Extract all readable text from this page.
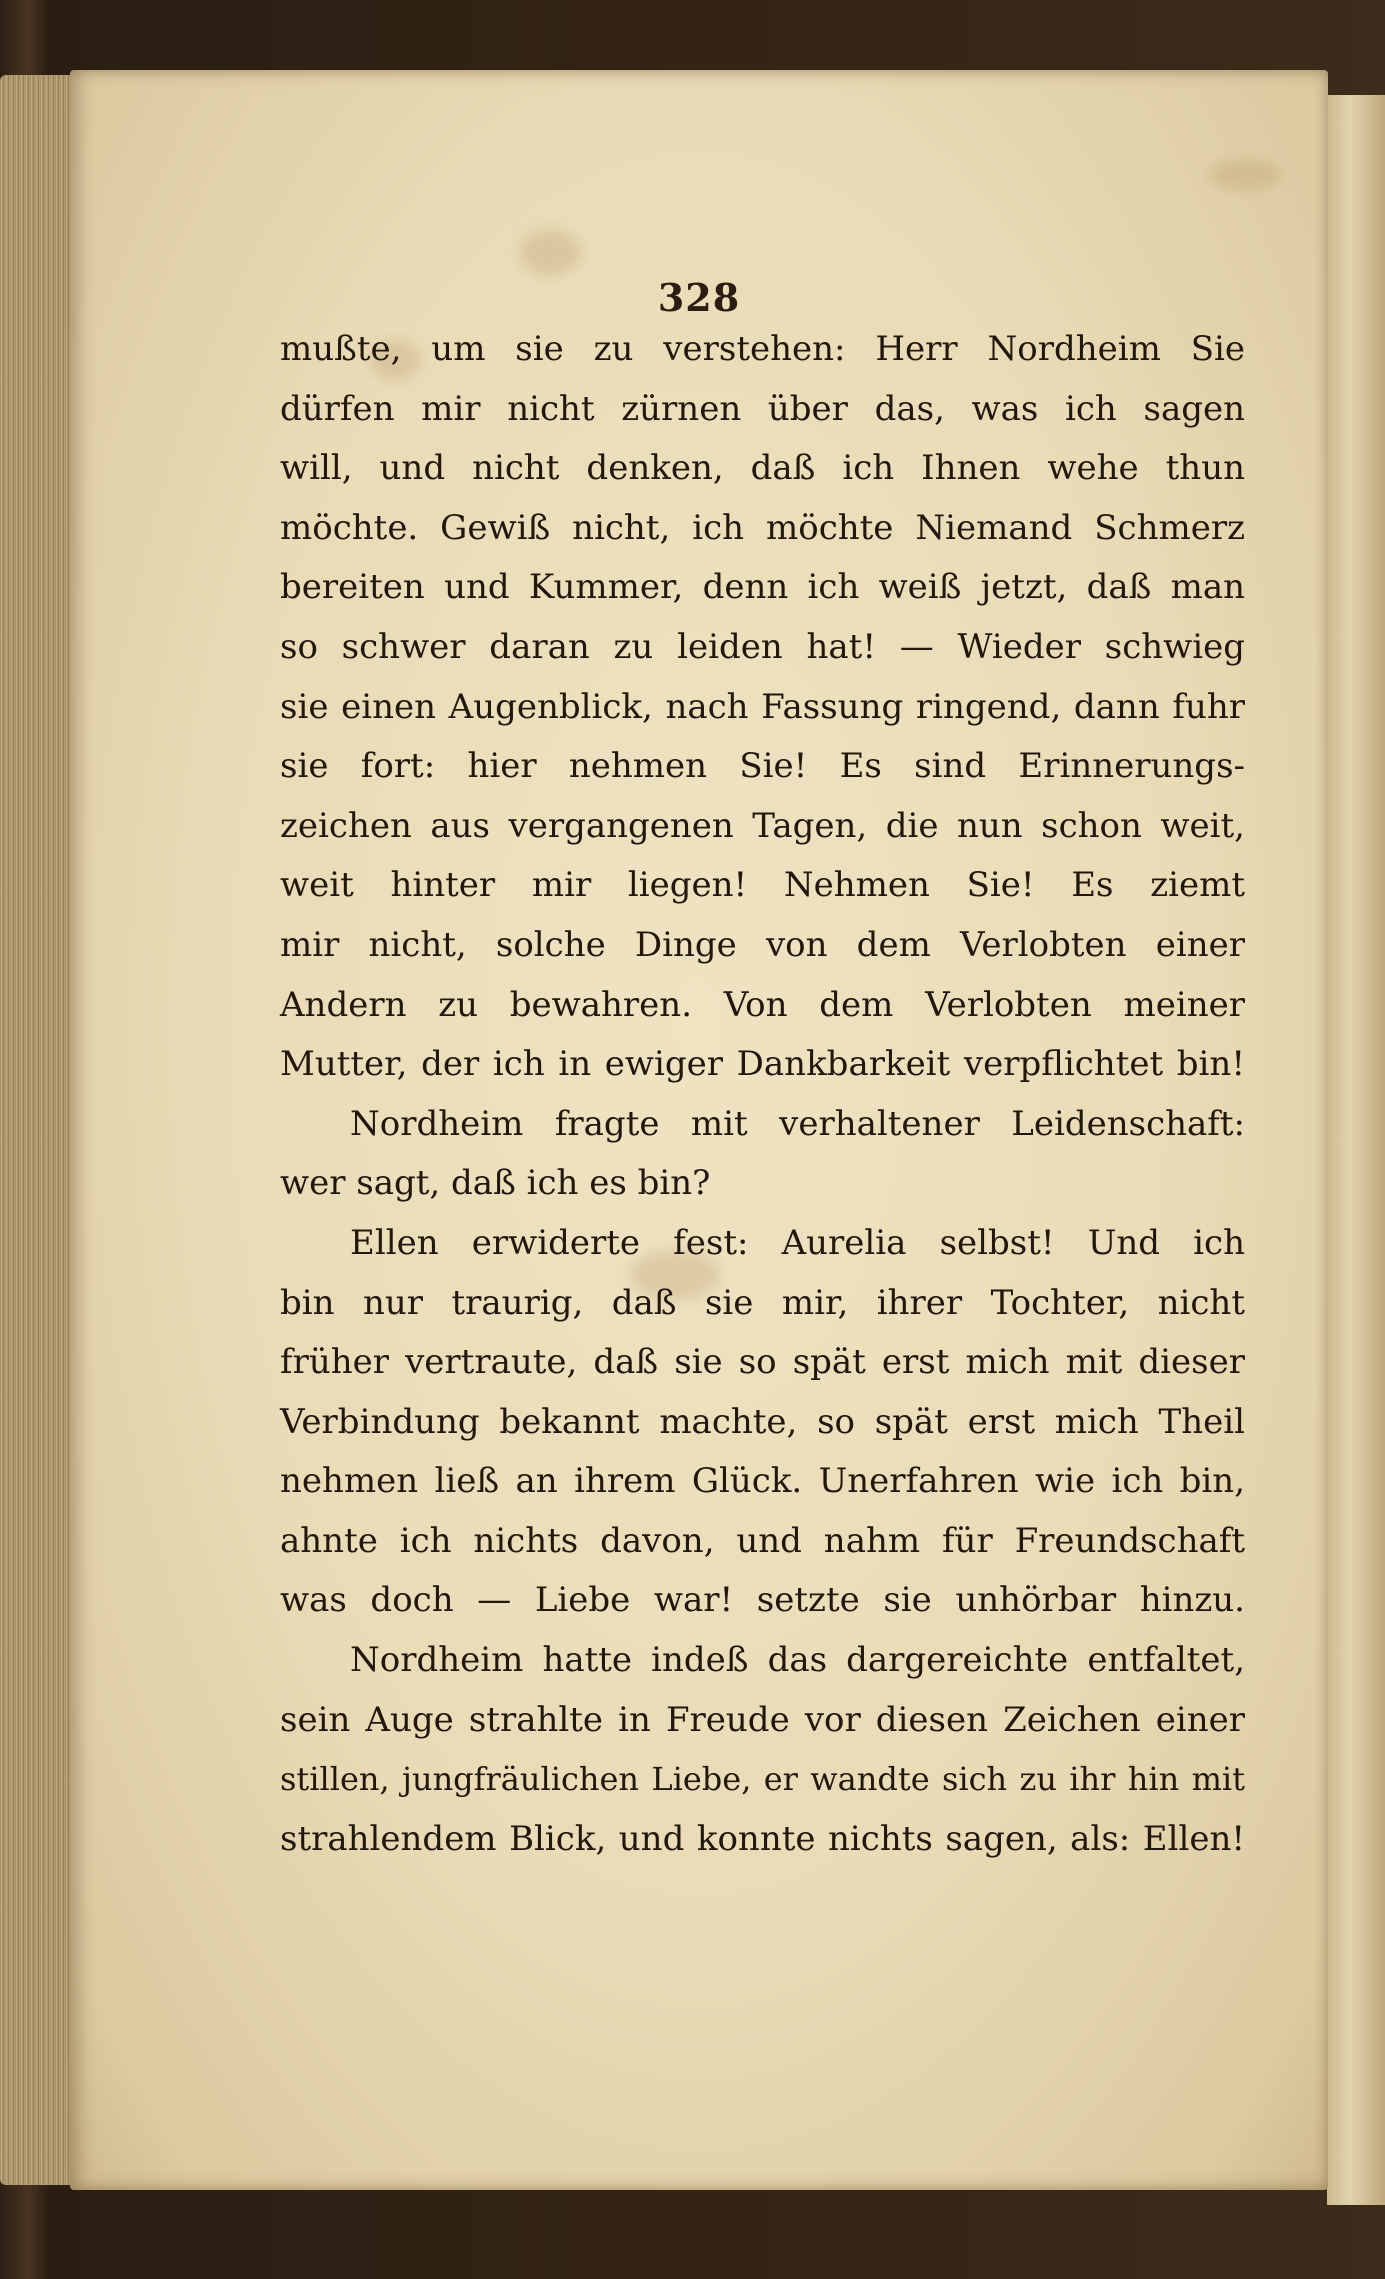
328

mußte, um sie zu verstehen: Herr Nordheim Sie

dürfen mir nicht zürnen über das, was ich sagen

will, und nicht denken, daß ich Ihnen wehe thun

möchte. Gewiß nicht, ich möchte Niemand Schmerz

bereiten und Kummer, denn ich weiß jetzt, daß man

so schwer daran zu leiden hat! — Wieder schwieg

sie einen Augenblick, nach Fassung ringend, dann fuhr

sie fort: hier nehmen Sie! Es sind Erinnerungs-

zeichen aus vergangenen Tagen, die nun schon weit,

weit hinter mir liegen! Nehmen Sie! Es ziemt

mir nicht, solche Dinge von dem Verlobten einer

Andern zu bewahren. Von dem Verlobten meiner

Mutter, der ich in ewiger Dankbarkeit verpflichtet bin!

Nordheim fragte mit verhaltener Leidenschaft:

wer sagt, daß ich es bin?

Ellen erwiderte fest: Aurelia selbst! Und ich

bin nur traurig, daß sie mir, ihrer Tochter, nicht

früher vertraute, daß sie so spät erst mich mit dieser

Verbindung bekannt machte, so spät erst mich Theil

nehmen ließ an ihrem Glück. Unerfahren wie ich bin,

ahnte ich nichts davon, und nahm für Freundschaft

was doch — Liebe war! setzte sie unhörbar hinzu.

Nordheim hatte indeß das dargereichte entfaltet,

sein Auge strahlte in Freude vor diesen Zeichen einer

stillen, jungfräulichen Liebe, er wandte sich zu ihr hin mit

strahlendem Blick, und konnte nichts sagen, als: Ellen!
